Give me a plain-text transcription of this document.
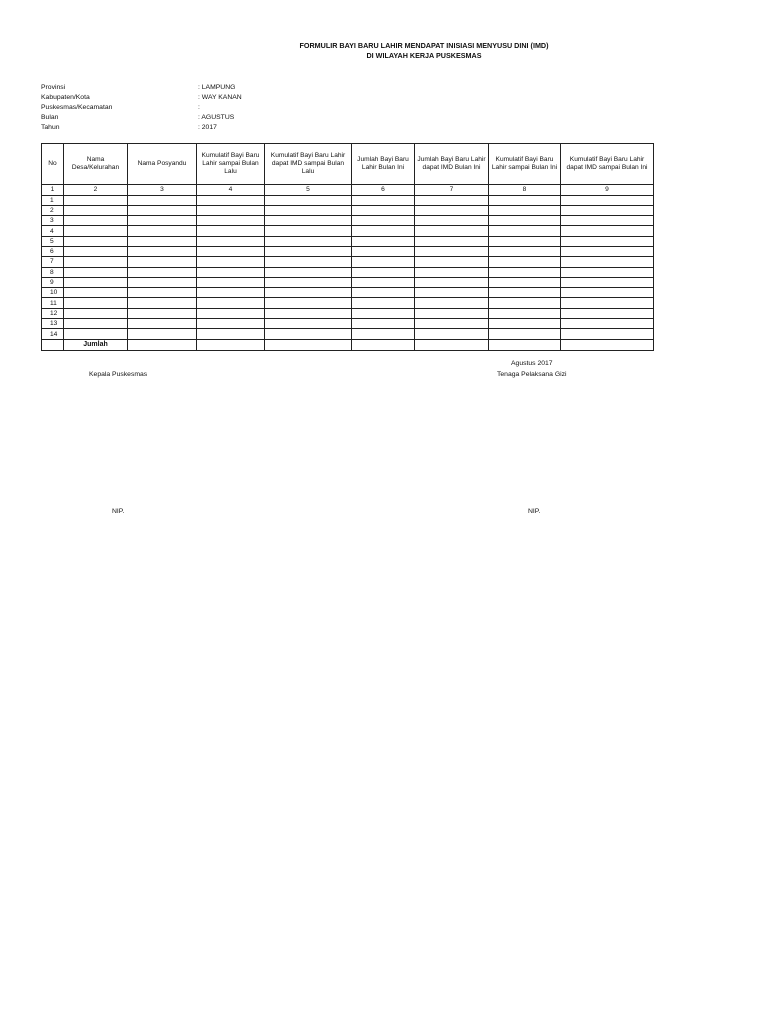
FORMULIR BAYI BARU LAHIR MENDAPAT INISIASI MENYUSU DINI (IMD)
DI WILAYAH KERJA PUSKESMAS
Provinsi	: LAMPUNG
Kabupaten/Kota	: WAY KANAN
Puskesmas/Kecamatan	:
Bulan	: AGUSTUS
Tahun	: 2017
No	Nama Desa/Kelurahan	Nama Posyandu	Kumulatif Bayi Baru Lahir sampai Bulan Lalu	Kumulatif Bayi Baru Lahir dapat IMD sampai Bulan Lalu	Jumlah Bayi Baru Lahir Bulan Ini	Jumlah Bayi Baru Lahir dapat IMD Bulan Ini	Kumulatif Bayi Baru Lahir sampai Bulan Ini	Kumulatif Bayi Baru Lahir dapat IMD sampai Bulan Ini
1	2	3	4	5	6	7	8	9
1								
2								
3								
4								
5								
6								
7								
8								
9								
10								
11								
12								
13								
14								
	Jumlah							
Agustus 2017
Kepala Puskesmas	Tenaga Pelaksana Gizi
NIP.	NIP.
